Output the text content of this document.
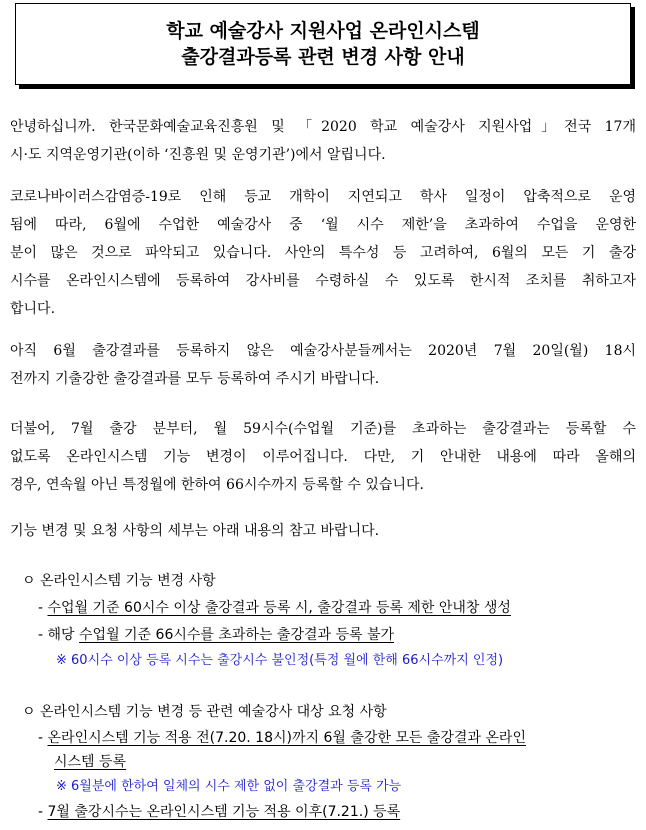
학교 예술강사 지원사업 온라인시스템
출강결과등록 관련 변경 사항 안내
안녕하십니까. 한국문화예술교육진흥원 및 「2020 학교 예술강사 지원사업」전국 17개
시·도 지역운영기관(이하 ‘진흥원 및 운영기관’)에서 알립니다.
코로나바이러스감염증-19로 인해 등교 개학이 지연되고 학사 일정이 압축적으로 운영
됨에 따라, 6월에 수업한 예술강사 중 ‘월 시수 제한’을 초과하여 수업을 운영한
분이 많은 것으로 파악되고 있습니다. 사안의 특수성 등 고려하여, 6월의 모든 기 출강
시수를 온라인시스템에 등록하여 강사비를 수령하실 수 있도록 한시적 조치를 취하고자
합니다.
아직 6월 출강결과를 등록하지 않은 예술강사분들께서는 2020년 7월 20일(월) 18시
전까지 기출강한 출강결과를 모두 등록하여 주시기 바랍니다.
더불어, 7월 출강 분부터, 월 59시수(수업월 기준)를 초과하는 출강결과는 등록할 수
없도록 온라인시스템 기능 변경이 이루어집니다. 다만, 기 안내한 내용에 따라 올해의
경우, 연속월 아닌 특정월에 한하여 66시수까지 등록할 수 있습니다.
기능 변경 및 요청 사항의 세부는 아래 내용의 참고 바랍니다.
ㅇ 온라인시스템 기능 변경 사항
- 수업월 기준 60시수 이상 출강결과 등록 시, 출강결과 등록 제한 안내창 생성
- 해당 수업월 기준 66시수를 초과하는 출강결과 등록 불가
※ 60시수 이상 등록 시수는 출강시수 불인정(특정 월에 한해 66시수까지 인정)
ㅇ 온라인시스템 기능 변경 등 관련 예술강사 대상 요청 사항
- 온라인시스템 기능 적용 전(7.20. 18시)까지 6월 출강한 모든 출강결과 온라인
시스템 등록
※ 6월분에 한하여 일체의 시수 제한 없이 출강결과 등록 가능
- 7월 출강시수는 온라인시스템 기능 적용 이후(7.21.) 등록
